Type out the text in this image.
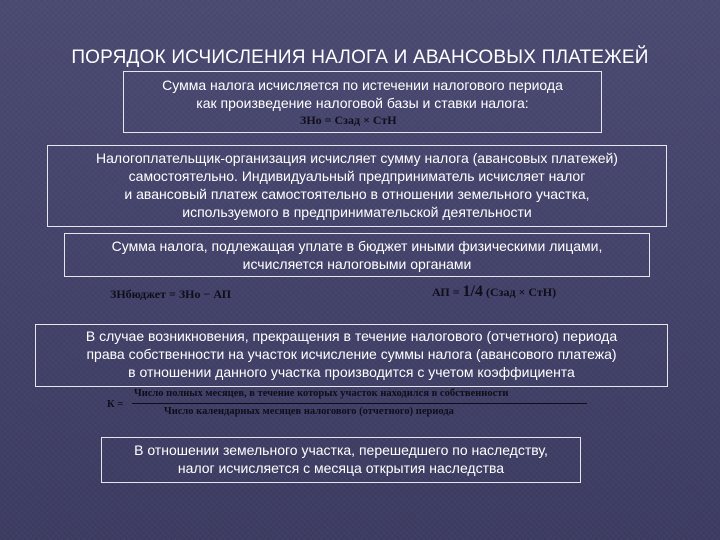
ПОРЯДОК ИСЧИСЛЕНИЯ НАЛОГА И АВАНСОВЫХ ПЛАТЕЖЕЙ

Сумма налога исчисляется по истечении налогового периода

как произведение налоговой базы и ставки налога:

ЗНо = Сзад × СтН

Налогоплательщик-организация исчисляет сумму налога (авансовых платежей)

самостоятельно. Индивидуальный предприниматель исчисляет налог

и авансовый платеж самостоятельно в отношении земельного участка,

используемого в предпринимательской деятельности

Сумма налога, подлежащая уплате в бюджет иными физическими лицами,

исчисляется налоговыми органами

ЗНбюджет = ЗНо − АП	АП = 1/4 (Сзад × СтН)

В случае возникновения, прекращения в течение налогового (отчетного) периода

права собственности на участок исчисление суммы налога (авансового платежа)

в отношении данного участка производится с учетом коэффициента

К =
Число полных месяцев, в течение которых участок находился в собственности
Число календарных месяцев налогового (отчетного) периода

В отношении земельного участка, перешедшего по наследству,

налог исчисляется с месяца открытия наследства
